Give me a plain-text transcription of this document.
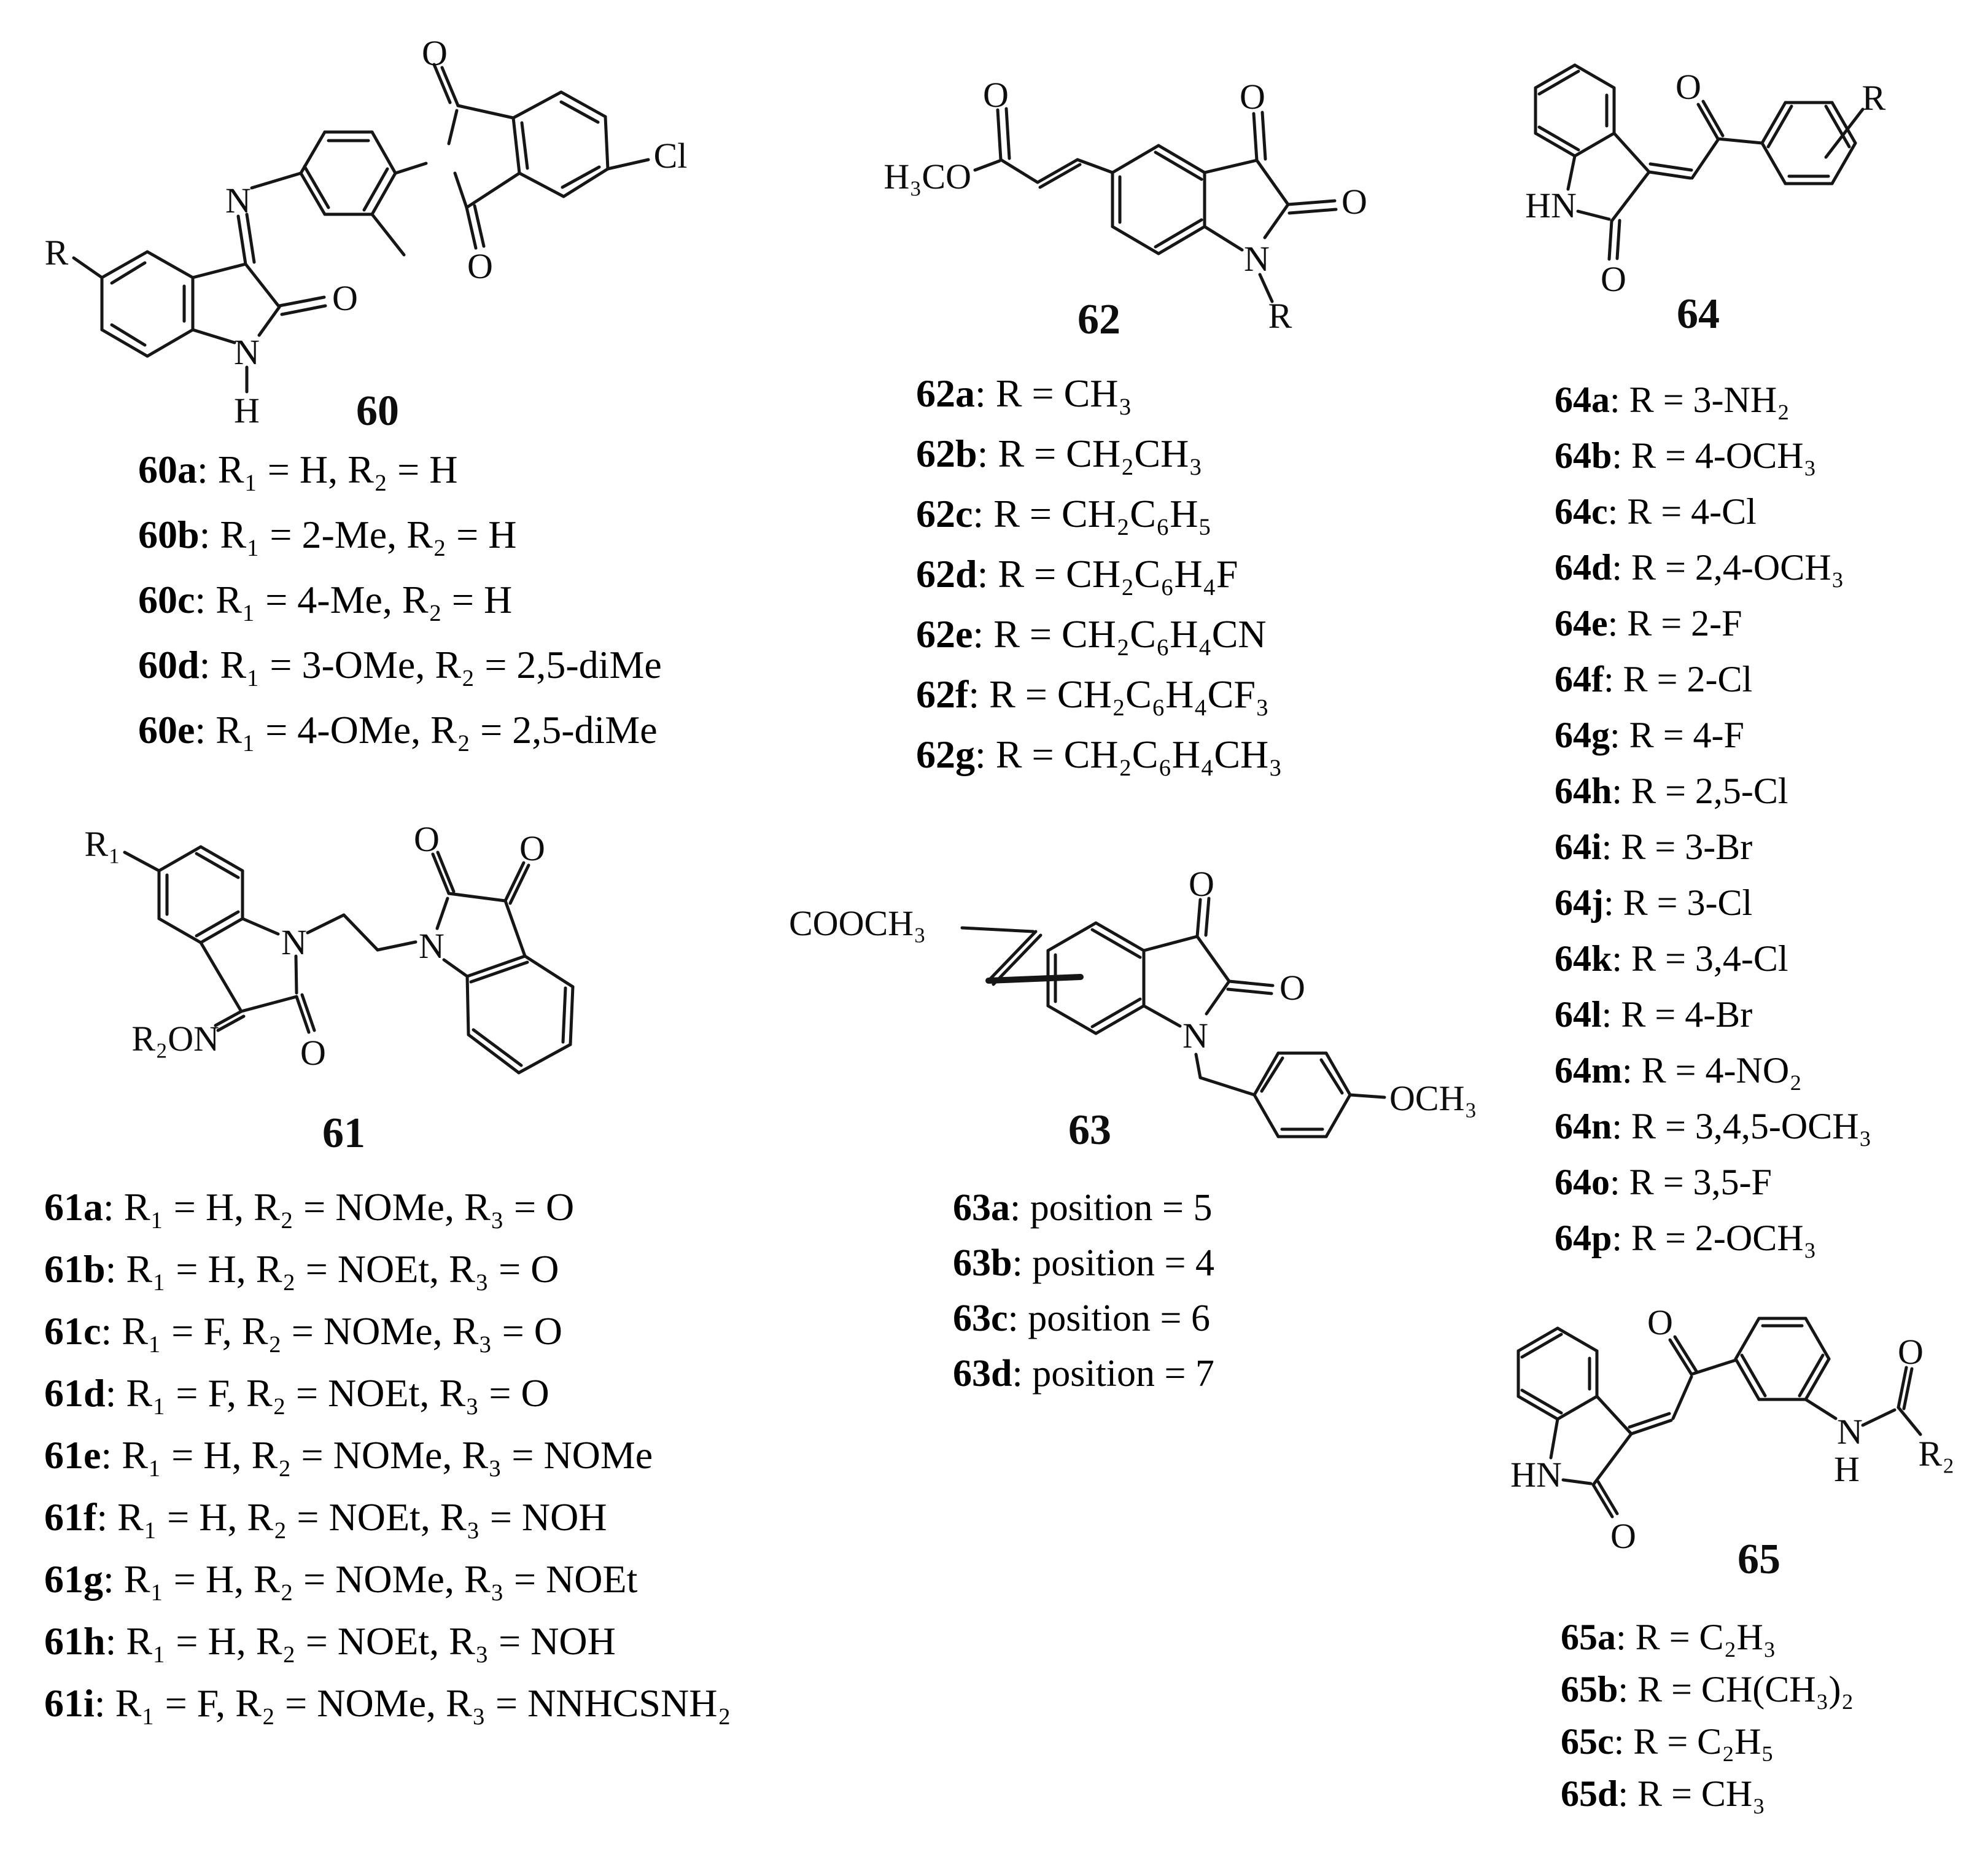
R
O
N
H
N
O
O
Cl
60
R₁
R₂ON O
N	N
O O
61
H₃CO
O	O
O
N
R
62
COOCH₃
O
O
N
OCH₃
63
HN
O
O	R
64
HN
O
O
N
H
O
R₂
65
60a: R₁ = H, R₂ = H
60b: R₁ = 2-Me, R₂ = H
60c: R₁ = 4-Me, R₂ = H
60d: R₁ = 3-OMe, R₂ = 2,5-diMe
60e: R₁ = 4-OMe, R₂ = 2,5-diMe
61a: R₁ = H, R₂ = NOMe, R₃ = O
61b: R₁ = H, R₂ = NOEt, R₃ = O
61c: R₁ = F, R₂ = NOMe, R₃ = O
61d: R₁ = F, R₂ = NOEt, R₃ = O
61e: R₁ = H, R₂ = NOMe, R₃ = NOMe
61f: R₁ = H, R₂ = NOEt, R₃ = NOH
61g: R₁ = H, R₂ = NOMe, R₃ = NOEt
61h: R₁ = H, R₂ = NOEt, R₃ = NOH
61i: R₁ = F, R₂ = NOMe, R₃ = NNHCSNH₂
62a: R = CH₃
62b: R = CH₂CH₃
62c: R = CH₂C₆H₅
62d: R = CH₂C₆H₄F
62e: R = CH₂C₆H₄CN
62f: R = CH₂C₆H₄CF₃
62g: R = CH₂C₆H₄CH₃
63a: position = 5
63b: position = 4
63c: position = 6
63d: position = 7
64a: R = 3-NH₂
64b: R = 4-OCH₃
64c: R = 4-Cl
64d: R = 2,4-OCH₃
64e: R = 2-F
64f: R = 2-Cl
64g: R = 4-F
64h: R = 2,5-Cl
64i: R = 3-Br
64j: R = 3-Cl
64k: R = 3,4-Cl
64l: R = 4-Br
64m: R = 4-NO₂
64n: R = 3,4,5-OCH₃
64o: R = 3,5-F
64p: R = 2-OCH₃
65a: R = C₂H₃
65b: R = CH(CH₃)₂
65c: R = C₂H₅
65d: R = CH₃
